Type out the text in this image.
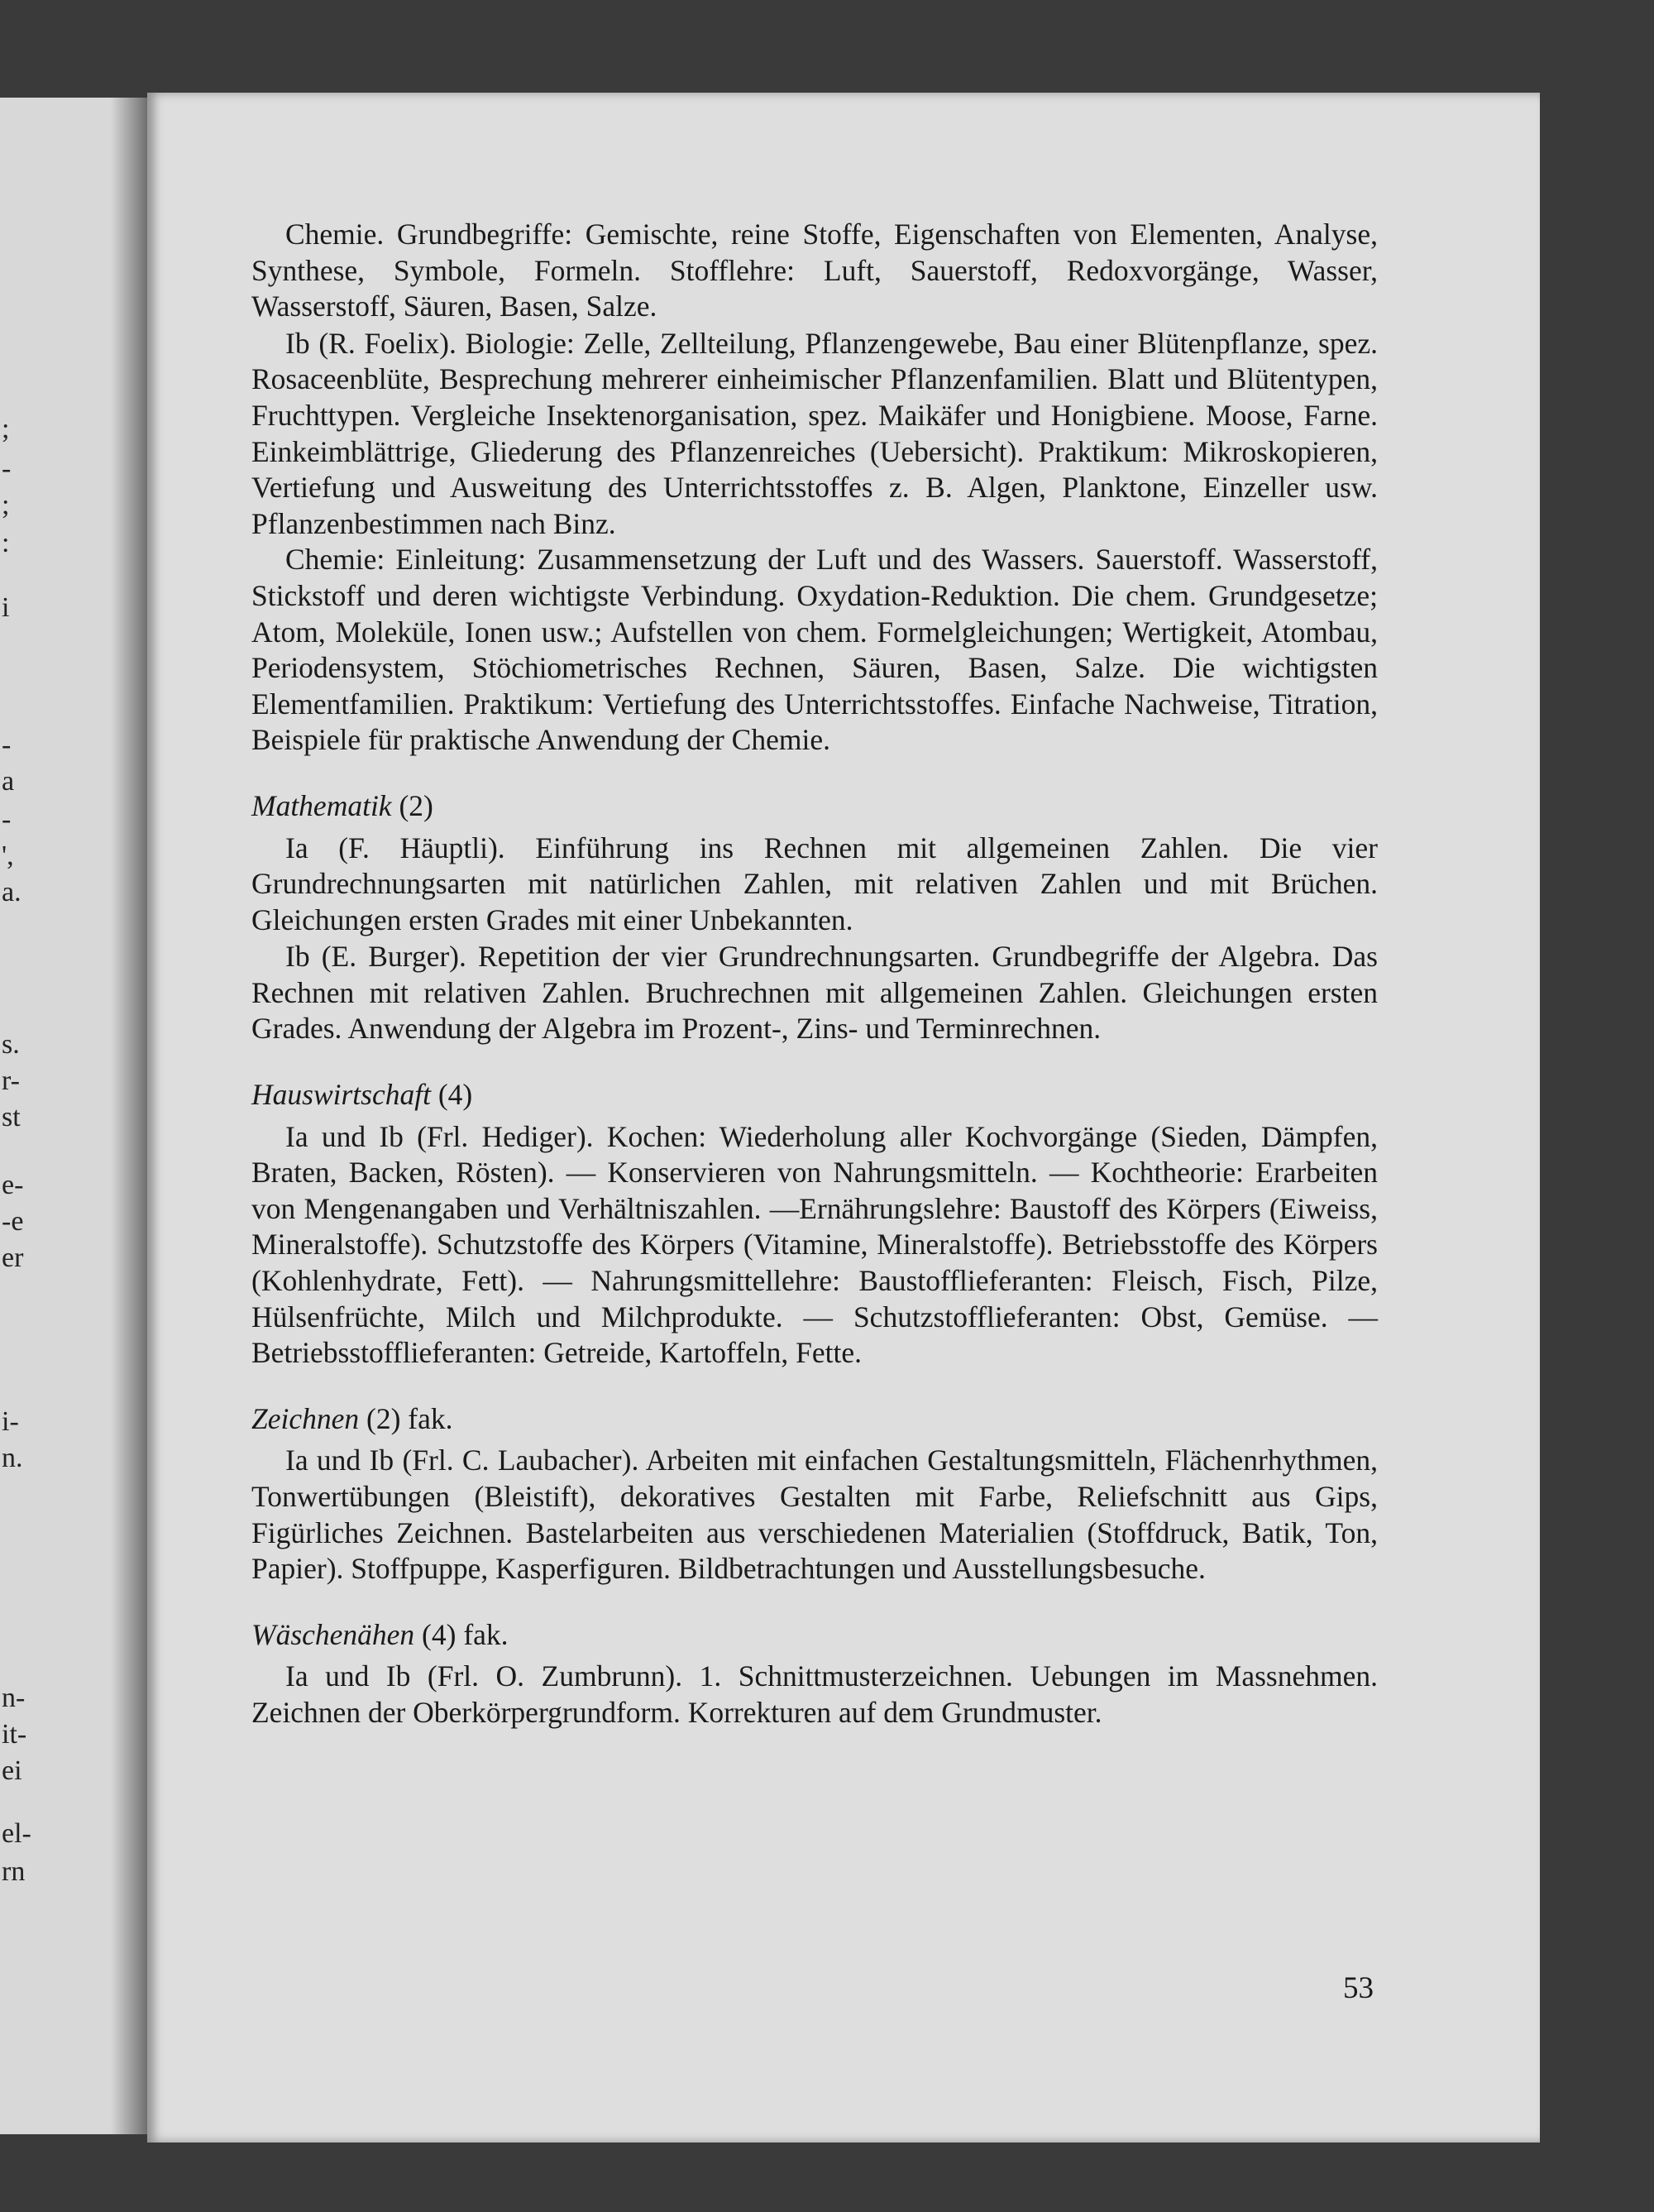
;
-
;
:
i
-
a
-
',
a.
s.
r-
st
e-
-e
er
i-
n.
n-
it-
ei
el-
rn

Chemie. Grundbegriffe: Gemischte, reine Stoffe, Eigenschaften von Elementen, Analyse, Synthese, Symbole, Formeln. Stofflehre: Luft, Sauerstoff, Redoxvorgänge, Wasser, Wasserstoff, Säuren, Basen, Salze.

Ib (R. Foelix). Biologie: Zelle, Zellteilung, Pflanzengewebe, Bau einer Blütenpflanze, spez. Rosaceenblüte, Besprechung mehrerer einheimischer Pflanzenfamilien. Blatt und Blütentypen, Fruchttypen. Vergleiche Insektenorganisation, spez. Maikäfer und Honigbiene. Moose, Farne. Einkeimblättrige, Gliederung des Pflanzenreiches (Uebersicht). Praktikum: Mikroskopieren, Vertiefung und Ausweitung des Unterrichtsstoffes z. B. Algen, Planktone, Einzeller usw. Pflanzenbestimmen nach Binz.

Chemie: Einleitung: Zusammensetzung der Luft und des Wassers. Sauerstoff. Wasserstoff, Stickstoff und deren wichtigste Verbindung. Oxydation-Reduktion. Die chem. Grundgesetze; Atom, Moleküle, Ionen usw.; Aufstellen von chem. Formelgleichungen; Wertigkeit, Atombau, Periodensystem, Stöchiometrisches Rechnen, Säuren, Basen, Salze. Die wichtigsten Elementfamilien. Praktikum: Vertiefung des Unterrichtsstoffes. Einfache Nachweise, Titration, Beispiele für praktische Anwendung der Chemie.

Mathematik (2)

Ia (F. Häuptli). Einführung ins Rechnen mit allgemeinen Zahlen. Die vier Grundrechnungsarten mit natürlichen Zahlen, mit relativen Zahlen und mit Brüchen. Gleichungen ersten Grades mit einer Unbekannten.

Ib (E. Burger). Repetition der vier Grundrechnungsarten. Grundbegriffe der Algebra. Das Rechnen mit relativen Zahlen. Bruchrechnen mit allgemeinen Zahlen. Gleichungen ersten Grades. Anwendung der Algebra im Prozent-, Zins- und Terminrechnen.

Hauswirtschaft (4)

Ia und Ib (Frl. Hediger). Kochen: Wiederholung aller Kochvorgänge (Sieden, Dämpfen, Braten, Backen, Rösten). — Konservieren von Nahrungsmitteln. — Kochtheorie: Erarbeiten von Mengenangaben und Verhältniszahlen. —Ernährungslehre: Baustoff des Körpers (Eiweiss, Mineralstoffe). Schutzstoffe des Körpers (Vitamine, Mineralstoffe). Betriebsstoffe des Körpers (Kohlenhydrate, Fett). — Nahrungsmittellehre: Baustofflieferanten: Fleisch, Fisch, Pilze, Hülsenfrüchte, Milch und Milchprodukte. — Schutzstofflieferanten: Obst, Gemüse. — Betriebsstofflieferanten: Getreide, Kartoffeln, Fette.

Zeichnen (2) fak.

Ia und Ib (Frl. C. Laubacher). Arbeiten mit einfachen Gestaltungsmitteln, Flächenrhythmen, Tonwertübungen (Bleistift), dekoratives Gestalten mit Farbe, Reliefschnitt aus Gips, Figürliches Zeichnen. Bastelarbeiten aus verschiedenen Materialien (Stoffdruck, Batik, Ton, Papier). Stoffpuppe, Kasperfiguren. Bildbetrachtungen und Ausstellungsbesuche.

Wäschenähen (4) fak.

Ia und Ib (Frl. O. Zumbrunn). 1. Schnittmusterzeichnen. Uebungen im Massnehmen. Zeichnen der Oberkörpergrundform. Korrekturen auf dem Grundmuster.

53
